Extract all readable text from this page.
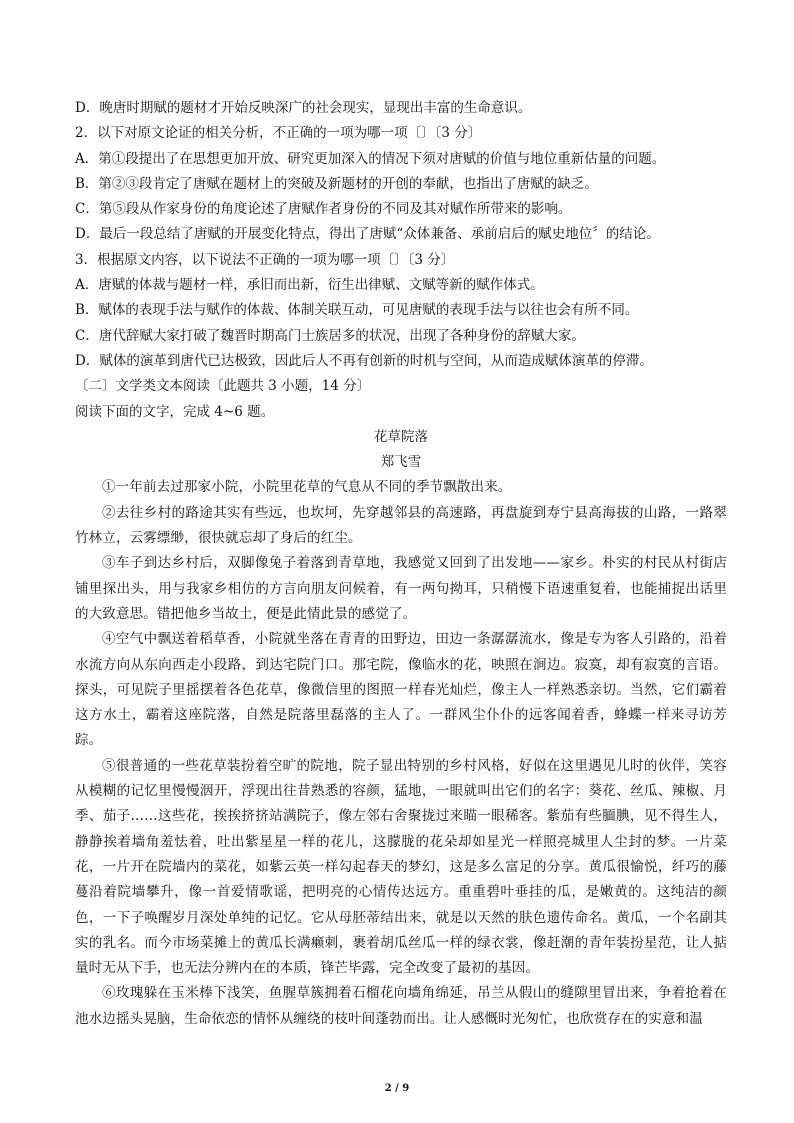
D．晚唐时期赋的题材才开始反映深广的社会现实，显现出丰富的生命意识。

2．以下对原文论证的相关分析，不正确的一项为哪一项〔〕〔3 分〕

A．第①段提出了在思想更加开放、研究更加深入的情况下须对唐赋的价值与地位重新估量的问题。

B．第②③段肯定了唐赋在题材上的突破及新题材的开创的奉献，也指出了唐赋的缺乏。

C．第⑤段从作家身份的角度论述了唐赋作者身份的不同及其对赋作所带来的影响。

D．最后一段总结了唐赋的开展变化特点，得出了唐赋“众体兼备、承前启后的赋史地位〞的结论。

3．根据原文内容，以下说法不正确的一项为哪一项〔〕〔3 分〕

A．唐赋的体裁与题材一样，承旧而出新，衍生出律赋、文赋等新的赋作体式。

B．赋体的表现手法与赋作的体裁、体制关联互动，可见唐赋的表现手法与以往也会有所不同。

C．唐代辞赋大家打破了魏晋时期高门士族居多的状况，出现了各种身份的辞赋大家。

D．赋体的演革到唐代已达极致，因此后人不再有创新的时机与空间，从而造成赋体演革的停滞。

〔二〕文学类文本阅读〔此题共 3 小题，14 分〕

阅读下面的文字，完成 4~6 题。

花草院落

郑飞雪

①一年前去过那家小院，小院里花草的气息从不同的季节飘散出来。

②去往乡村的路途其实有些远，也坎坷，先穿越邻县的高速路，再盘旋到寿宁县高海拔的山路，一路翠竹林立，云雾缥缈，很快就忘却了身后的红尘。

③车子到达乡村后，双脚像兔子着落到青草地，我感觉又回到了出发地——家乡。朴实的村民从村街店铺里探出头，用与我家乡相仿的方言向朋友问候着，有一两句拗耳，只稍慢下语速重复着，也能捕捉出话里的大致意思。错把他乡当故土，便是此情此景的感觉了。

④空气中飘送着稻草香，小院就坐落在青青的田野边，田边一条潺潺流水，像是专为客人引路的，沿着水流方向从东向西走小段路，到达宅院门口。那宅院，像临水的花，映照在涧边。寂寞，却有寂寞的言语。探头，可见院子里摇摆着各色花草，像微信里的图照一样春光灿烂，像主人一样熟悉亲切。当然，它们霸着这方水土，霸着这座院落，自然是院落里磊落的主人了。一群风尘仆仆的远客闻着香，蜂蝶一样来寻访芳踪。

⑤很普通的一些花草装扮着空旷的院地，院子显出特别的乡村风格，好似在这里遇见儿时的伙伴，笑容从模糊的记忆里慢慢洇开，浮现出往昔熟悉的容颜，猛地，一眼就叫出它们的名字：葵花、丝瓜、辣椒、月季、茄子……这些花，挨挨挤挤站满院子，像左邻右舍聚拢过来瞄一眼稀客。紫茄有些腼腆，见不得生人，静静挨着墙角羞怯着，吐出紫星星一样的花儿，这朦胧的花朵却如星光一样照亮城里人尘封的梦。一片菜花，一片开在院墙内的菜花，如紫云英一样勾起春天的梦幻，这是多么富足的分享。黄瓜很愉悦，纤巧的藤蔓沿着院墙攀升，像一首爱情歌谣，把明亮的心情传达远方。重重碧叶垂挂的瓜，是嫩黄的。这纯洁的颜色，一下子唤醒岁月深处单纯的记忆。它从母胚蒂结出来，就是以天然的肤色遗传命名。黄瓜，一个名副其实的乳名。而今市场菜摊上的黄瓜长满癞刺，裹着胡瓜丝瓜一样的绿衣裳，像赶潮的青年装扮星范，让人掂量时无从下手，也无法分辨内在的本质，锋芒毕露，完全改变了最初的基因。

⑥玫瑰躲在玉米棒下浅笑，鱼腥草簇拥着石榴花向墙角绵延，吊兰从假山的缝隙里冒出来，争着抢着在池水边摇头晃脑，生命依恋的情怀从缠绕的枝叶间蓬勃而出。让人感慨时光匆忙，也欣赏存在的实意和温

2 / 9
